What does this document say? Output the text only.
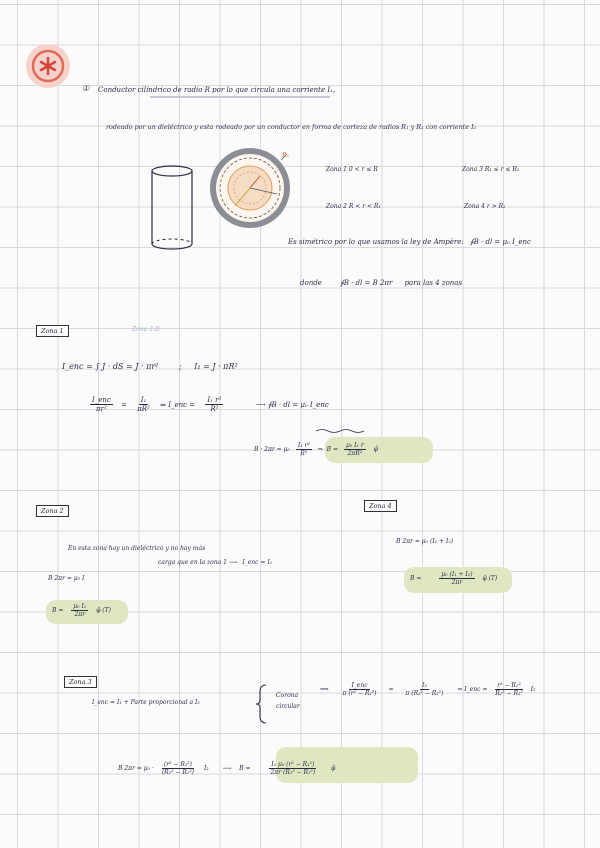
① Conductor cilíndrico de radio R por lo que circula una corriente I₁,
rodeado por un dieléctrico y esta rodeado por un conductor en forma de corteza de radios R₁ y R₂ con corriente I₂
R₂
Zona 1 0 < r ≤ R	Zona 3 R₁ ≤ r ≤ R₂
Zona 2 R < r < R₁	Zona 4 r > R₂
Es simétrico por lo que usamos la ley de Ampère: ∮B · dl = μ₀ I_enc
donde	∮B · dl = B 2πr para las 4 zonas
Zona 1	Zona 3 D
I_enc = ∫ J · dS = J · πr²	; I₁ = J · πR²
$\frac{\text{I\_enc}}{\text{πr²}} = \frac{\text{I₁}}{\text{πR²}}$ ⇒ I_enc = $\frac{\text{I₁ r²}}{\text{R²}}$	⟶ ∮B · dl = μ₀ I_enc
$B \cdot 2\pi r = \mu_0 \frac{\text{I₁ r²}}{\text{R²}}$ ⇒ $B = \frac{\text{μ₀ I₁ r}}{\text{2πR²}}$ φ̂
Zona 2
En esta zona hay un dieléctrico y no hay más
carga que en la zona 1 ⟶ I_enc = I₁
B 2πr = μ₀ I
$B = \frac{\text{μ₀ I₁}}{2\pi r}$ φ̂ (T)
Zona 4
B 2πr = μ₀ (I₁ + I₂)
B =	$\frac{\text{μ₀ (I₁ + I₂)}}{2\pi r}$ φ̂ (T)
Zona 3
I_enc = I₁ + Parte proporcional a I₂
Corona
circular
⟹ $\frac{\text{I\_enc}}{\text{π (r² − R₁²)}} = \frac{\text{I₂}}{\text{π (R₂² − R₁²)}}$ ⇒ I_enc = $\frac{\text{r² − R₁²}}{\text{R₂² − R₁²}} I_2$
B $2\pi r = \mu_0 \cdot \frac{\text{(r² − R₁²)}}{\text{(R₂² − R₁²)}} I_2$ ⟶ B =	$\frac{\text{I₂ μ₀ (r² − R₁²)}}{\text{2πr (R₂² − R₁²)}}$ φ̂
